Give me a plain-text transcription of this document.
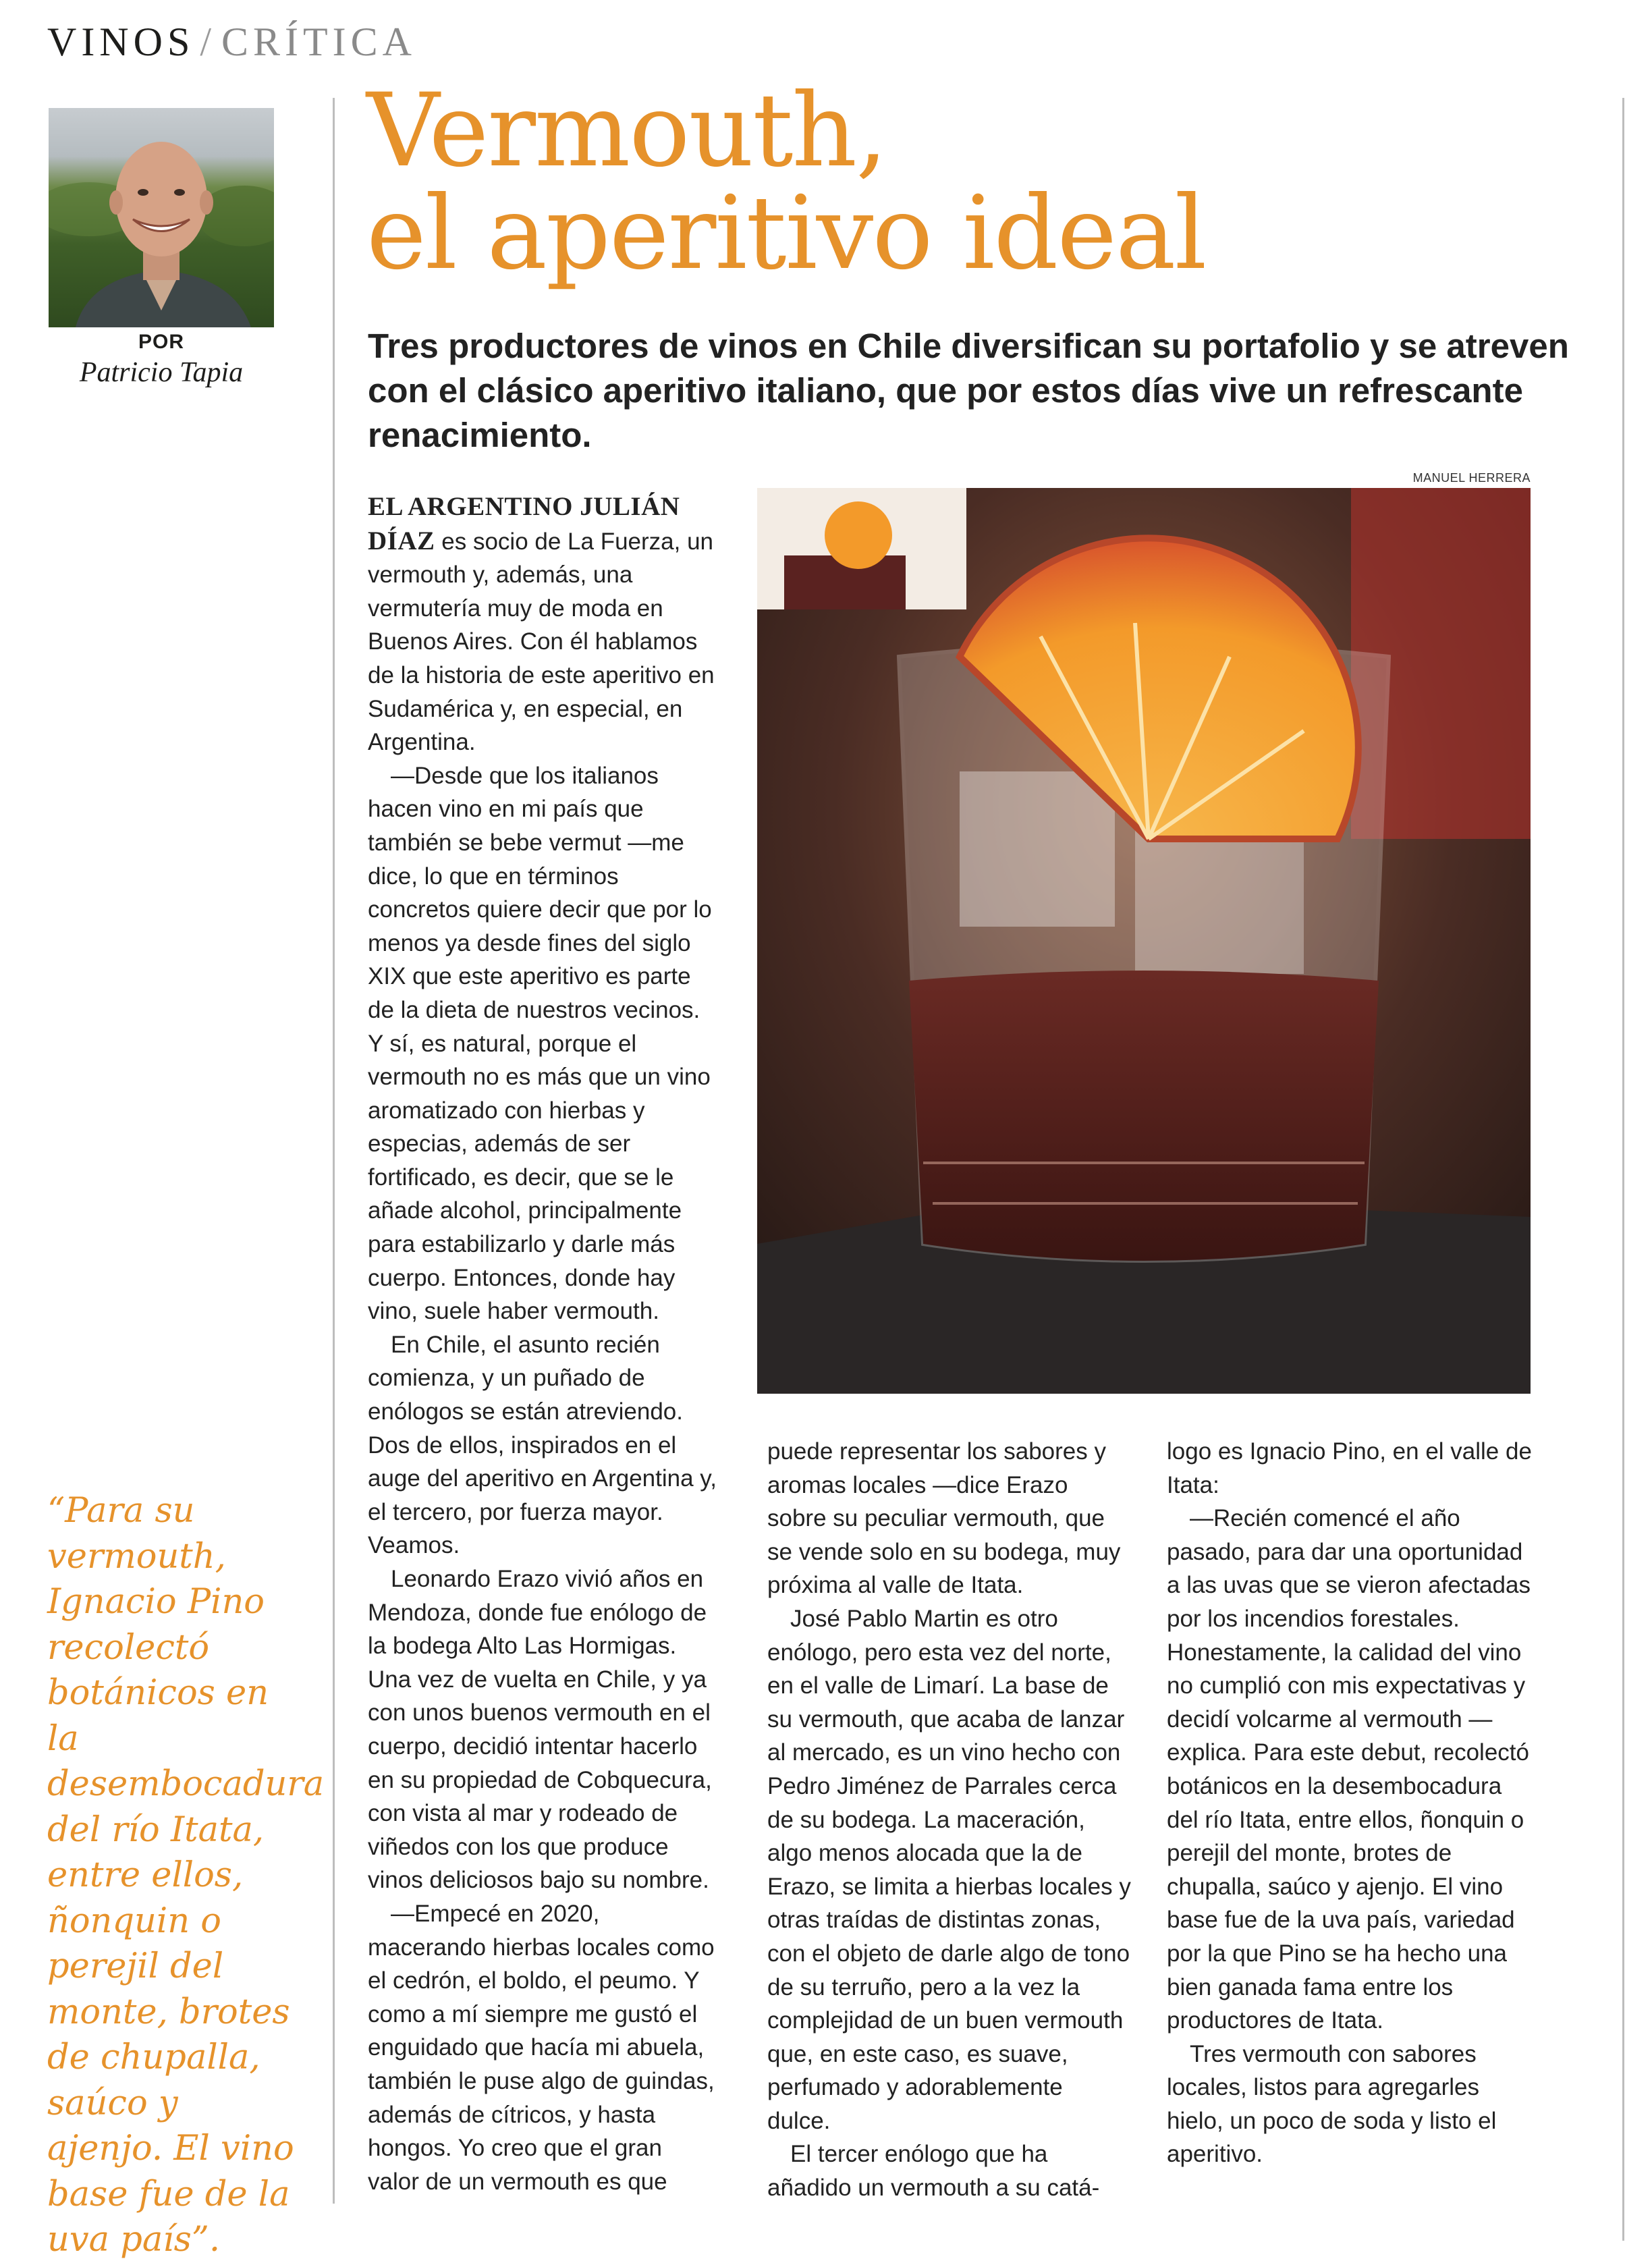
VINOS / CRÍTICA
POR
Patricio Tapia
“Para su vermouth, Ignacio Pino recolectó botánicos en la desembocadura del río Itata, entre ellos, ñonquin o perejil del monte, brotes de chupalla, saúco y ajenjo. El vino base fue de la uva país”.
Vermouth,
el aperitivo ideal
Tres productores de vinos en Chile diversifican su portafolio y se atreven con el clásico aperitivo italiano, que por estos días vive un refrescante renacimiento.
MANUEL HERRERA

EL ARGENTINO JULIÁN DÍAZ es socio de La Fuerza, un vermouth y, además, una vermutería muy de moda en Buenos Aires. Con él hablamos de la historia de este aperitivo en Sudamérica y, en especial, en Argentina.

—Desde que los italianos hacen vino en mi país que también se bebe vermut —me dice, lo que en términos concretos quiere decir que por lo menos ya desde fines del siglo XIX que este aperitivo es parte de la dieta de nuestros vecinos. Y sí, es natural, porque el vermouth no es más que un vino aromatizado con hierbas y especias, además de ser fortificado, es decir, que se le añade alcohol, principalmente para estabilizarlo y darle más cuerpo. Entonces, donde hay vino, suele haber vermouth.

En Chile, el asunto recién comienza, y un puñado de enólogos se están atreviendo. Dos de ellos, inspirados en el auge del aperitivo en Argentina y, el tercero, por fuerza mayor. Veamos.

Leonardo Erazo vivió años en Mendoza, donde fue enólogo de la bodega Alto Las Hormigas. Una vez de vuelta en Chile, y ya con unos buenos vermouth en el cuerpo, decidió intentar hacerlo en su propiedad de Cobquecura, con vista al mar y rodeado de viñedos con los que produce vinos deliciosos bajo su nombre.

—Empecé en 2020, macerando hierbas locales como el cedrón, el boldo, el peumo. Y como a mí siempre me gustó el enguidado que hacía mi abuela, también le puse algo de guindas, además de cítricos, y hasta hongos. Yo creo que el gran valor de un vermouth es que

puede representar los sabores y aromas locales —dice Erazo sobre su peculiar vermouth, que se vende solo en su bodega, muy próxima al valle de Itata.

José Pablo Martin es otro enólogo, pero esta vez del norte, en el valle de Limarí. La base de su vermouth, que acaba de lanzar al mercado, es un vino hecho con Pedro Jiménez de Parrales cerca de su bodega. La maceración, algo menos alocada que la de Erazo, se limita a hierbas locales y otras traídas de distintas zonas, con el objeto de darle algo de tono de su terruño, pero a la vez la complejidad de un buen vermouth que, en este caso, es suave, perfumado y adorablemente dulce.

El tercer enólogo que ha añadido un vermouth a su catá-

logo es Ignacio Pino, en el valle de Itata:

—Recién comencé el año pasado, para dar una oportunidad a las uvas que se vieron afectadas por los incendios forestales. Honestamente, la calidad del vino no cumplió con mis expectativas y decidí volcarme al vermouth —explica. Para este debut, recolectó botánicos en la desembocadura del río Itata, entre ellos, ñonquin o perejil del monte, brotes de chupalla, saúco y ajenjo. El vino base fue de la uva país, variedad por la que Pino se ha hecho una bien ganada fama entre los productores de Itata.

Tres vermouth con sabores locales, listos para agregarles hielo, un poco de soda y listo el aperitivo.
